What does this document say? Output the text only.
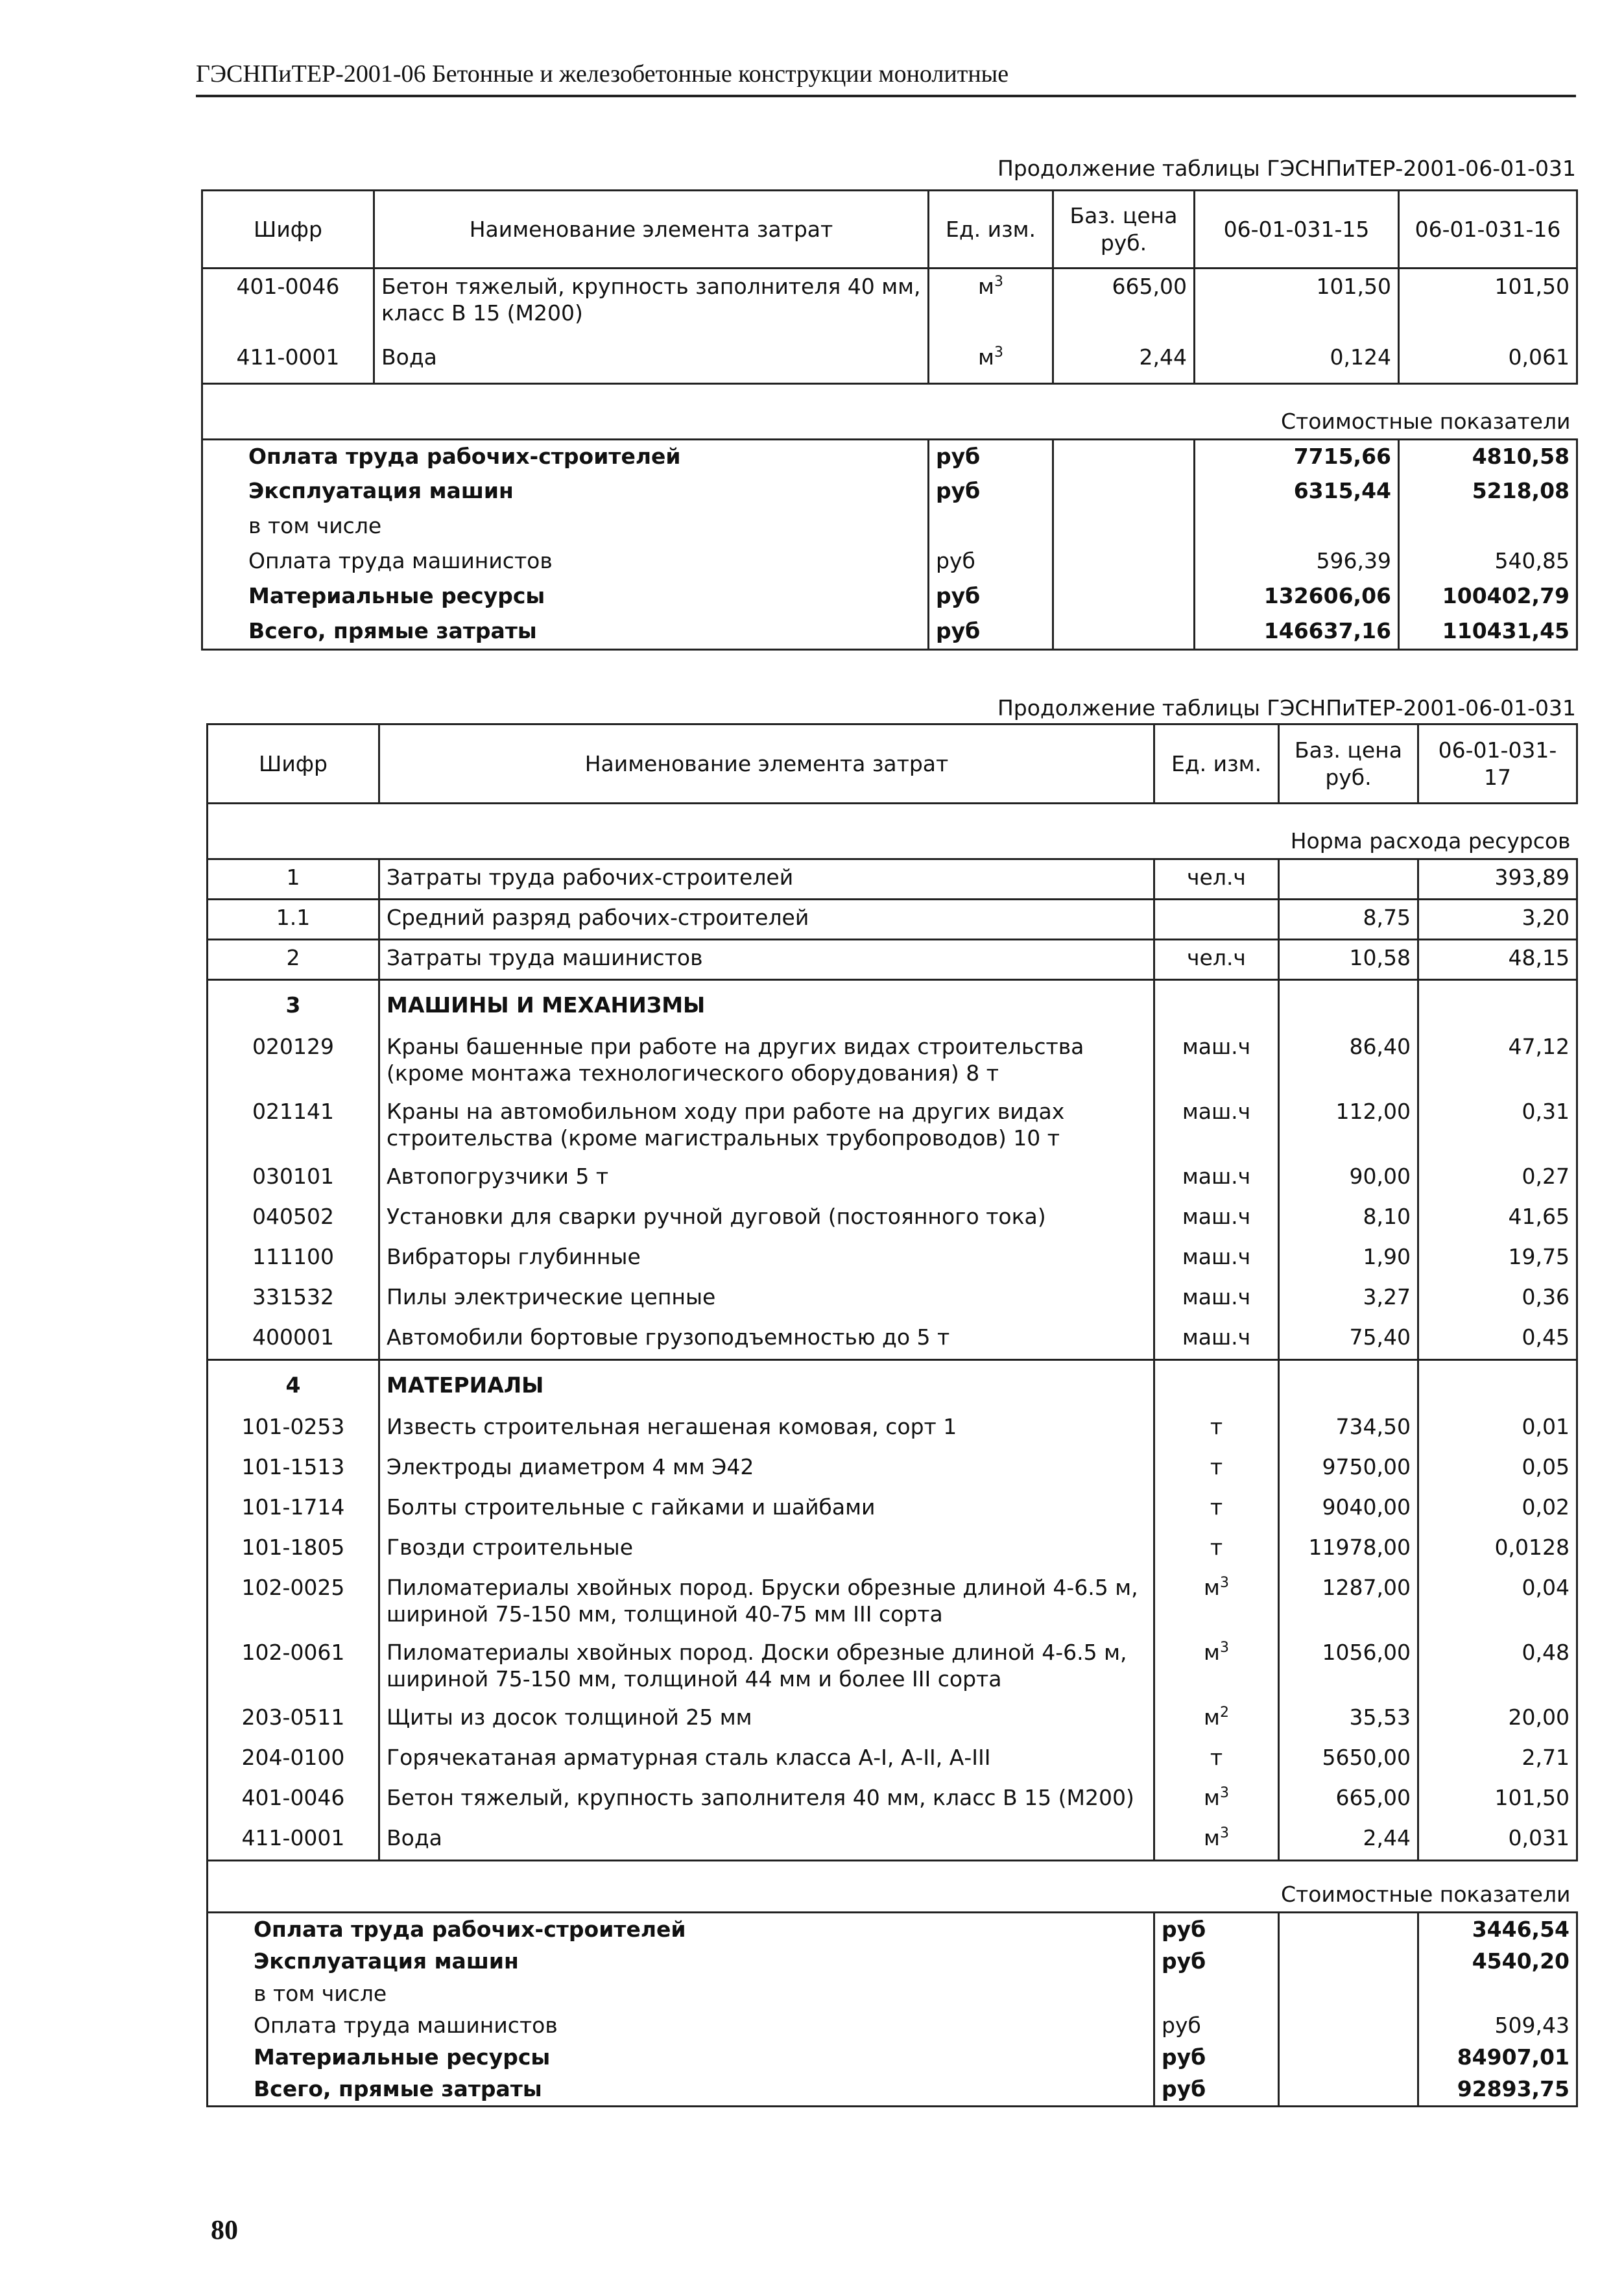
ГЭСНПиТЕР-2001-06 Бетонные и железобетонные конструкции монолитные
Продолжение таблицы ГЭСНПиТЕР-2001-06-01-031
Шифр	Наименование элемента затрат	Ед. изм.	Баз. цена руб.	06-01-031-15	06-01-031-16
401-0046	Бетон тяжелый, крупность заполнителя 40 мм, класс В 15 (М200)	$м^3$	665,00	101,50	101,50
411-0001	Вода	$м^3$	2,44	0,124	0,061
Стоимостные показатели					
Оплата труда рабочих-строителей		руб		7715,66	4810,58
Эксплуатация машин		руб		6315,44	5218,08
в том числе					
Оплата труда машинистов		руб		596,39	540,85
Материальные ресурсы		руб		132606,06	100402,79
Всего, прямые затраты		руб		146637,16	110431,45
Продолжение таблицы ГЭСНПиТЕР-2001-06-01-031
Шифр	Наименование элемента затрат	Ед. изм.	Баз. цена руб.	06-01-031-17
Норма расхода ресурсов				
1	Затраты труда рабочих-строителей	чел.ч		393,89
1.1	Средний разряд рабочих-строителей		8,75	3,20
2	Затраты труда машинистов	чел.ч	10,58	48,15
3	МАШИНЫ И МЕХАНИЗМЫ			
020129	Краны башенные при работе на других видах строительства (кроме монтажа технологического оборудования) 8 т	маш.ч	86,40	47,12
021141	Краны на автомобильном ходу при работе на других видах строительства (кроме магистральных трубопроводов) 10 т	маш.ч	112,00	0,31
030101	Автопогрузчики 5 т	маш.ч	90,00	0,27
040502	Установки для сварки ручной дуговой (постоянного тока)	маш.ч	8,10	41,65
111100	Вибраторы глубинные	маш.ч	1,90	19,75
331532	Пилы электрические цепные	маш.ч	3,27	0,36
400001	Автомобили бортовые грузоподъемностью до 5 т	маш.ч	75,40	0,45
4	МАТЕРИАЛЫ			
101-0253	Известь строительная негашеная комовая, сорт 1	т	734,50	0,01
101-1513	Электроды диаметром 4 мм Э42	т	9750,00	0,05
101-1714	Болты строительные с гайками и шайбами	т	9040,00	0,02
101-1805	Гвозди строительные	т	11978,00	0,0128
102-0025	Пиломатериалы хвойных пород. Бруски обрезные длиной 4-6.5 м, шириной 75-150 мм, толщиной 40-75 мм III сорта	$м^3$	1287,00	0,04
102-0061	Пиломатериалы хвойных пород. Доски обрезные длиной 4-6.5 м, шириной 75-150 мм, толщиной 44 мм и более III сорта	$м^3$	1056,00	0,48
203-0511	Щиты из досок толщиной 25 мм	$м^2$	35,53	20,00
204-0100	Горячекатаная арматурная сталь класса А-I, А-II, А-III	т	5650,00	2,71
401-0046	Бетон тяжелый, крупность заполнителя 40 мм, класс В 15 (М200)	$м^3$	665,00	101,50
411-0001	Вода	$м^3$	2,44	0,031
Стоимостные показатели				
Оплата труда рабочих-строителей		руб		3446,54
Эксплуатация машин		руб		4540,20
в том числе				
Оплата труда машинистов		руб		509,43
Материальные ресурсы		руб		84907,01
Всего, прямые затраты		руб		92893,75
80
